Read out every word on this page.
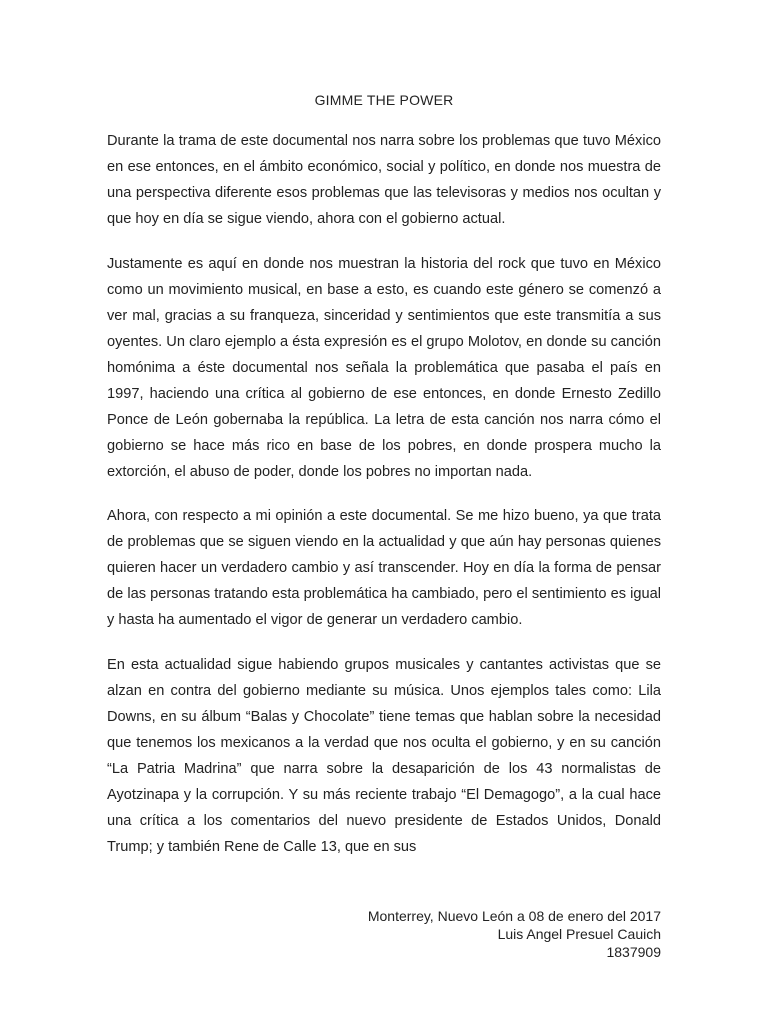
GIMME THE POWER

Durante la trama de este documental nos narra sobre los problemas que tuvo México en ese entonces, en el ámbito económico, social y político, en donde nos muestra de una perspectiva diferente esos problemas que las televisoras y medios nos ocultan y que hoy en día se sigue viendo, ahora con el gobierno actual.

Justamente es aquí en donde nos muestran la historia del rock que tuvo en México como un movimiento musical, en base a esto, es cuando este género se comenzó a ver mal, gracias a su franqueza, sinceridad y sentimientos que este transmitía a sus oyentes. Un claro ejemplo a ésta expresión es el grupo Molotov, en donde su canción homónima a éste documental nos señala la problemática que pasaba el país en 1997, haciendo una crítica al gobierno de ese entonces, en donde Ernesto Zedillo Ponce de León gobernaba la república. La letra de esta canción nos narra cómo el gobierno se hace más rico en base de los pobres, en donde prospera mucho la extorción, el abuso de poder, donde los pobres no importan nada.

Ahora, con respecto a mi opinión a este documental. Se me hizo bueno, ya que trata de problemas que se siguen viendo en la actualidad y que aún hay personas quienes quieren hacer un verdadero cambio y así transcender. Hoy en día la forma de pensar de las personas tratando esta problemática ha cambiado, pero el sentimiento es igual y hasta ha aumentado el vigor de generar un verdadero cambio.

En esta actualidad sigue habiendo grupos musicales y cantantes activistas que se alzan en contra del gobierno mediante su música. Unos ejemplos tales como: Lila Downs, en su álbum “Balas y Chocolate” tiene temas que hablan sobre la necesidad que tenemos los mexicanos a la verdad que nos oculta el gobierno, y en su canción “La Patria Madrina” que narra sobre la desaparición de los 43 normalistas de Ayotzinapa y la corrupción. Y su más reciente trabajo “El Demagogo”, a la cual hace una crítica a los comentarios del nuevo presidente de Estados Unidos, Donald Trump; y también Rene de Calle 13, que en sus

Monterrey, Nuevo León a 08 de enero del 2017
Luis Angel Presuel Cauich
1837909
